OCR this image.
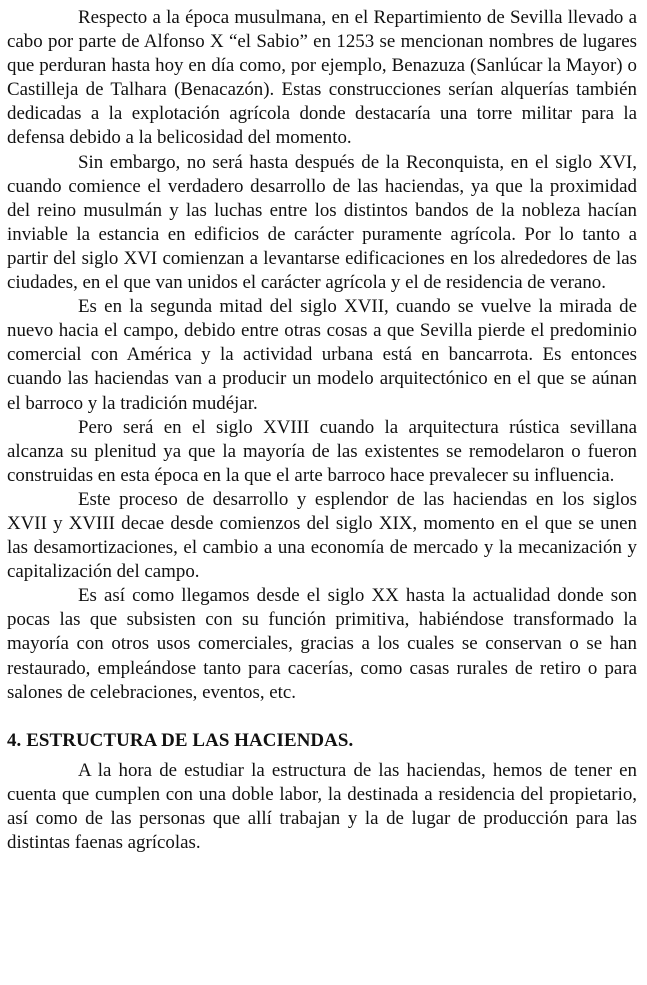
Respecto a la época musulmana, en el Repartimiento de Sevilla llevado a cabo por parte de Alfonso X “el Sabio” en 1253 se mencionan nombres de lugares que perduran hasta hoy en día como, por ejemplo, Benazuza (Sanlúcar la Mayor) o Castilleja de Talhara (Benacazón). Estas construcciones serían alquerías también dedicadas a la explotación agrícola donde destacaría una torre militar para la defensa debido a la belicosidad del momento.

Sin embargo, no será hasta después de la Reconquista, en el siglo XVI, cuando comience el verdadero desarrollo de las haciendas, ya que la proximidad del reino musulmán y las luchas entre los distintos bandos de la nobleza hacían inviable la estancia en edificios de carácter puramente agrícola. Por lo tanto a partir del siglo XVI comienzan a levantarse edificaciones en los alrededores de las ciudades, en el que van unidos el carácter agrícola y el de residencia de verano.

Es en la segunda mitad del siglo XVII, cuando se vuelve la mirada de nuevo hacia el campo, debido entre otras cosas a que Sevilla pierde el predominio comercial con América y la actividad urbana está en bancarrota. Es entonces cuando las haciendas van a producir un modelo arquitectónico en el que se aúnan el barroco y la tradición mudéjar.

Pero será en el siglo XVIII cuando la arquitectura rústica sevillana alcanza su plenitud ya que la mayoría de las existentes se remodelaron o fueron construidas en esta época en la que el arte barroco hace prevalecer su influencia.

Este proceso de desarrollo y esplendor de las haciendas en los siglos XVII y XVIII decae desde comienzos del siglo XIX, momento en el que se unen las desamortizaciones, el cambio a una economía de mercado y la mecanización y capitalización del campo.

Es así como llegamos desde el siglo XX hasta la actualidad donde son pocas las que subsisten con su función primitiva, habiéndose transformado la mayoría con otros usos comerciales, gracias a los cuales se conservan o se han restaurado, empleándose tanto para cacerías, como casas rurales de retiro o para salones de celebraciones, eventos, etc.

4. ESTRUCTURA DE LAS HACIENDAS.

A la hora de estudiar la estructura de las haciendas, hemos de tener en cuenta que cumplen con una doble labor, la destinada a residencia del propietario, así como de las personas que allí trabajan y la de lugar de producción para las distintas faenas agrícolas.
